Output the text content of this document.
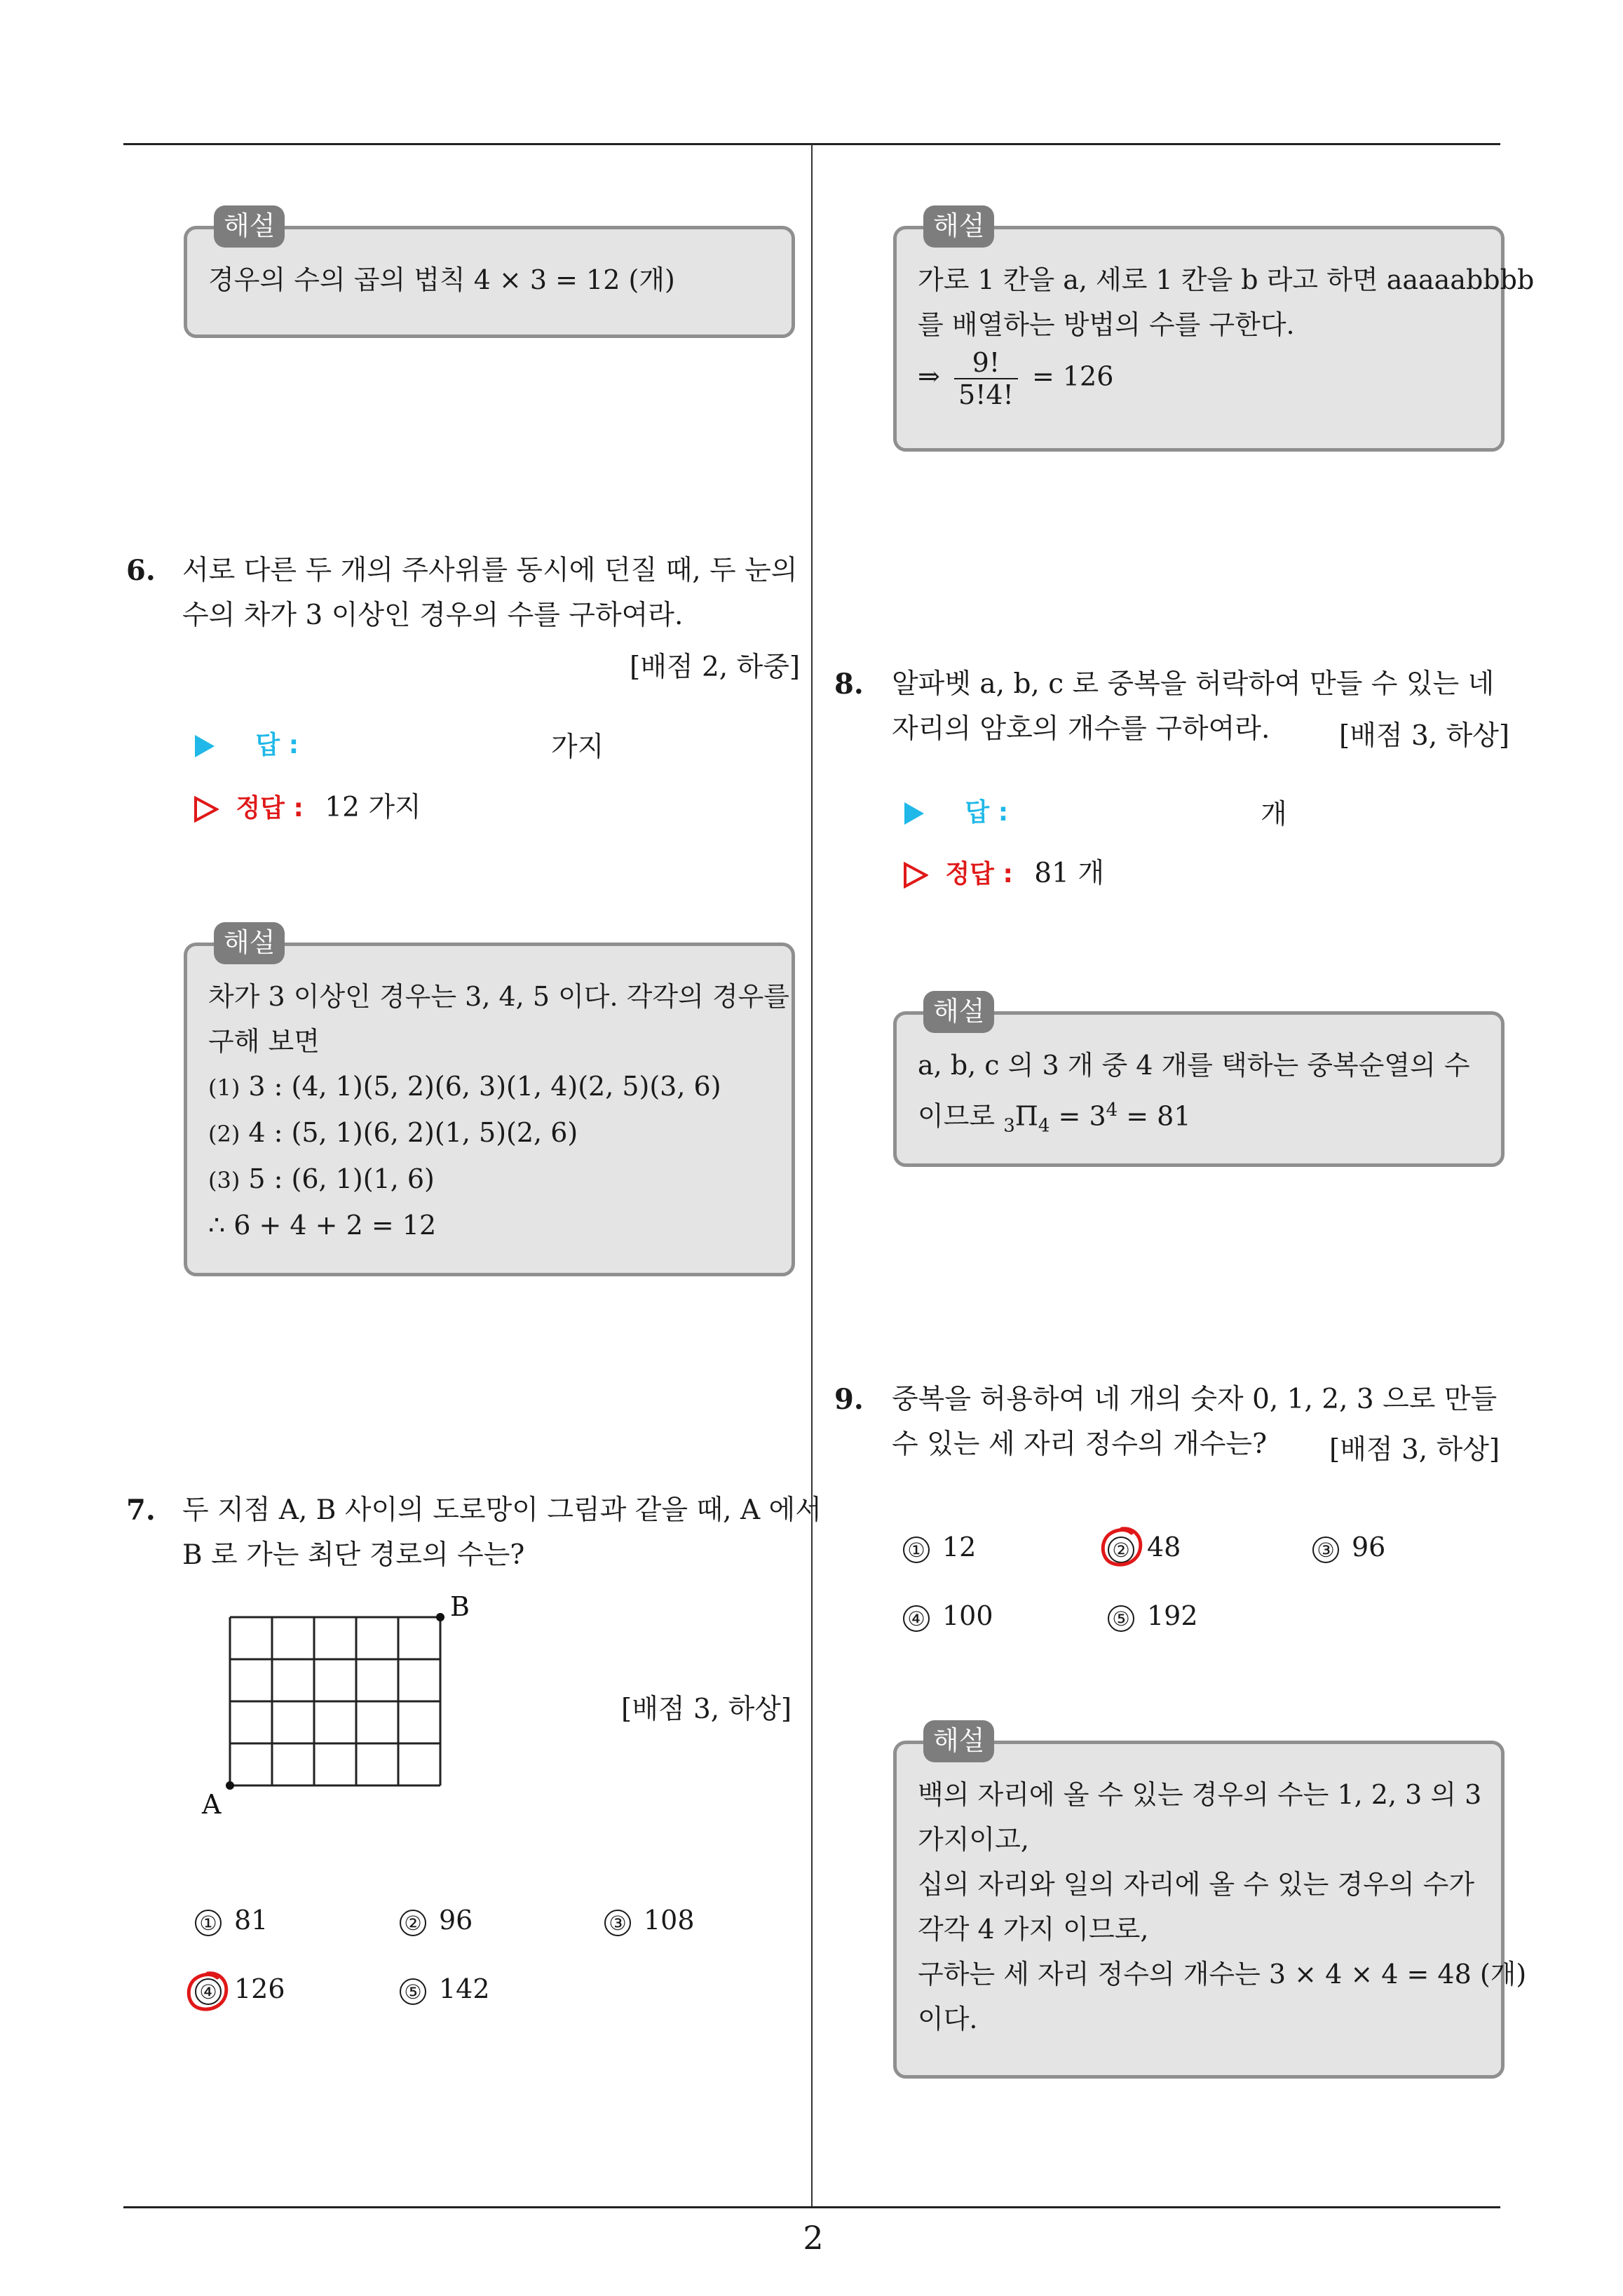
해설
경우의 수의 곱의 법칙 4 × 3 = 12 (개)
6. 서로 다른 두 개의 주사위를 동시에 던질 때, 두 눈의
수의 차가 3 이상인 경우의 수를 구하여라.
[배점 2, 하중]
답 :	가지
정답 : 12 가지
해설
차가 3 이상인 경우는 3, 4, 5 이다. 각각의 경우를
구해 보면
(1) 3 : (4, 1)(5, 2)(6, 3)(1, 4)(2, 5)(3, 6)
(2) 4 : (5, 1)(6, 2)(1, 5)(2, 6)
(3) 5 : (6, 1)(1, 6)
∴ 6 + 4 + 2 = 12
7. 두 지점 A, B 사이의 도로망이 그림과 같을 때, A 에서
B 로 가는 최단 경로의 수는?
B
A
[배점 3, 하상]
① 81	② 96	③ 108
④ 126	⑤ 142
해설
가로 1 칸을 a, 세로 1 칸을 b 라고 하면 aaaaabbbb
를 배열하는 방법의 수를 구한다.
⇒ $\frac{9!}{5!4!} = 126$
8. 알파벳 a, b, c 로 중복을 허락하여 만들 수 있는 네
자리의 암호의 개수를 구하여라.	[배점 3, 하상]
답 :	개
정답 : 81 개
해설
a, b, c 의 3 개 중 4 개를 택하는 중복순열의 수
이므로 $_3\Pi_4 = 3^4 = 81$
9. 중복을 허용하여 네 개의 숫자 0, 1, 2, 3 으로 만들
수 있는 세 자리 정수의 개수는?	[배점 3, 하상]
① 12	② 48	③ 96
④ 100	⑤ 192
해설
백의 자리에 올 수 있는 경우의 수는 1, 2, 3 의 3
가지이고,
십의 자리와 일의 자리에 올 수 있는 경우의 수가
각각 4 가지 이므로,
구하는 세 자리 정수의 개수는 3 × 4 × 4 = 48 (개)
이다.
2
